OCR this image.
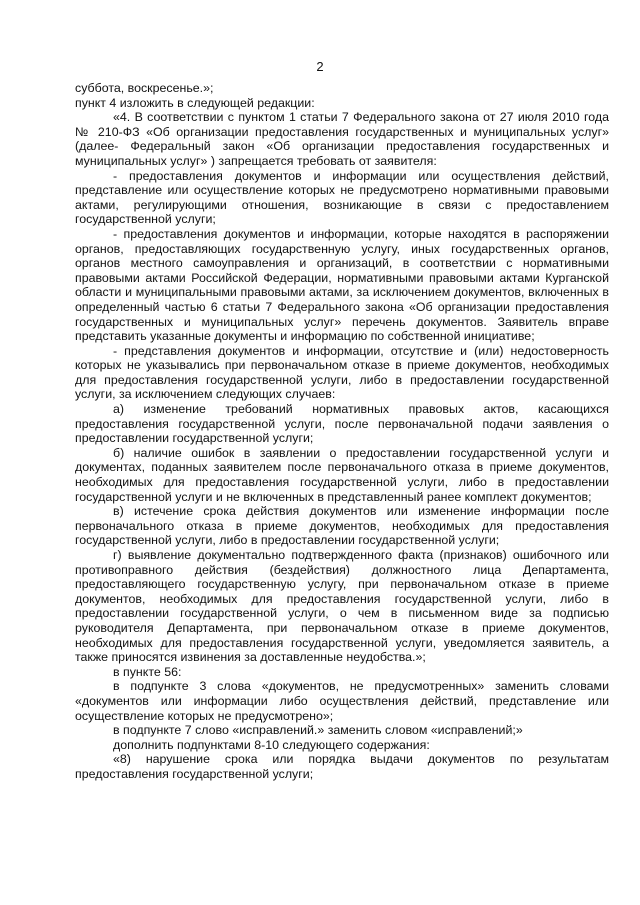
2

суббота, воскресенье.»;

пункт 4 изложить в следующей редакции:

«4. В соответствии с пунктом 1 статьи 7 Федерального закона от 27 июля 2010 года № 210-ФЗ «Об организации предоставления государственных и муниципальных услуг» (далее- Федеральный закон «Об организации предоставления государственных и муниципальных услуг» ) запрещается требовать от заявителя:

- предоставления документов и информации или осуществления действий, представление или осуществление которых не предусмотрено нормативными правовыми актами, регулирующими отношения, возникающие в связи с предоставлением государственной услуги;

- предоставления документов и информации, которые находятся в распоряжении органов, предоставляющих государственную услугу, иных государственных органов, органов местного самоуправления и организаций, в соответствии с нормативными правовыми актами Российской Федерации, нормативными правовыми актами Курганской области и муниципальными правовыми актами, за исключением документов, включенных в определенный частью 6 статьи 7 Федерального закона «Об организации предоставления государственных и муниципальных услуг» перечень документов. Заявитель вправе представить указанные документы и информацию по собственной инициативе;

- представления документов и информации, отсутствие и (или) недостоверность которых не указывались при первоначальном отказе в приеме документов, необходимых для предоставления государственной услуги, либо в предоставлении государственной услуги, за исключением следующих случаев:

а) изменение требований нормативных правовых актов, касающихся предоставления государственной услуги, после первоначальной подачи заявления о предоставлении государственной услуги;

б) наличие ошибок в заявлении о предоставлении государственной услуги и документах, поданных заявителем после первоначального отказа в приеме документов, необходимых для предоставления государственной услуги, либо в предоставлении государственной услуги и не включенных в представленный ранее комплект документов;

в) истечение срока действия документов или изменение информации после первоначального отказа в приеме документов, необходимых для предоставления государственной услуги, либо в предоставлении государственной услуги;

г) выявление документально подтвержденного факта (признаков) ошибочного или противоправного действия (бездействия) должностного лица Департамента, предоставляющего государственную услугу, при первоначальном отказе в приеме документов, необходимых для предоставления государственной услуги, либо в предоставлении государственной услуги, о чем в письменном виде за подписью руководителя Департамента, при первоначальном отказе в приеме документов, необходимых для предоставления государственной услуги, уведомляется заявитель, а также приносятся извинения за доставленные неудобства.»;

в пункте 56:

в подпункте 3 слова «документов, не предусмотренных» заменить словами «документов или информации либо осуществления действий, представление или осуществление которых не предусмотрено»;

в подпункте 7 слово «исправлений.» заменить словом «исправлений;»

дополнить подпунктами 8-10 следующего содержания:

«8) нарушение срока или порядка выдачи документов по результатам предоставления государственной услуги;
